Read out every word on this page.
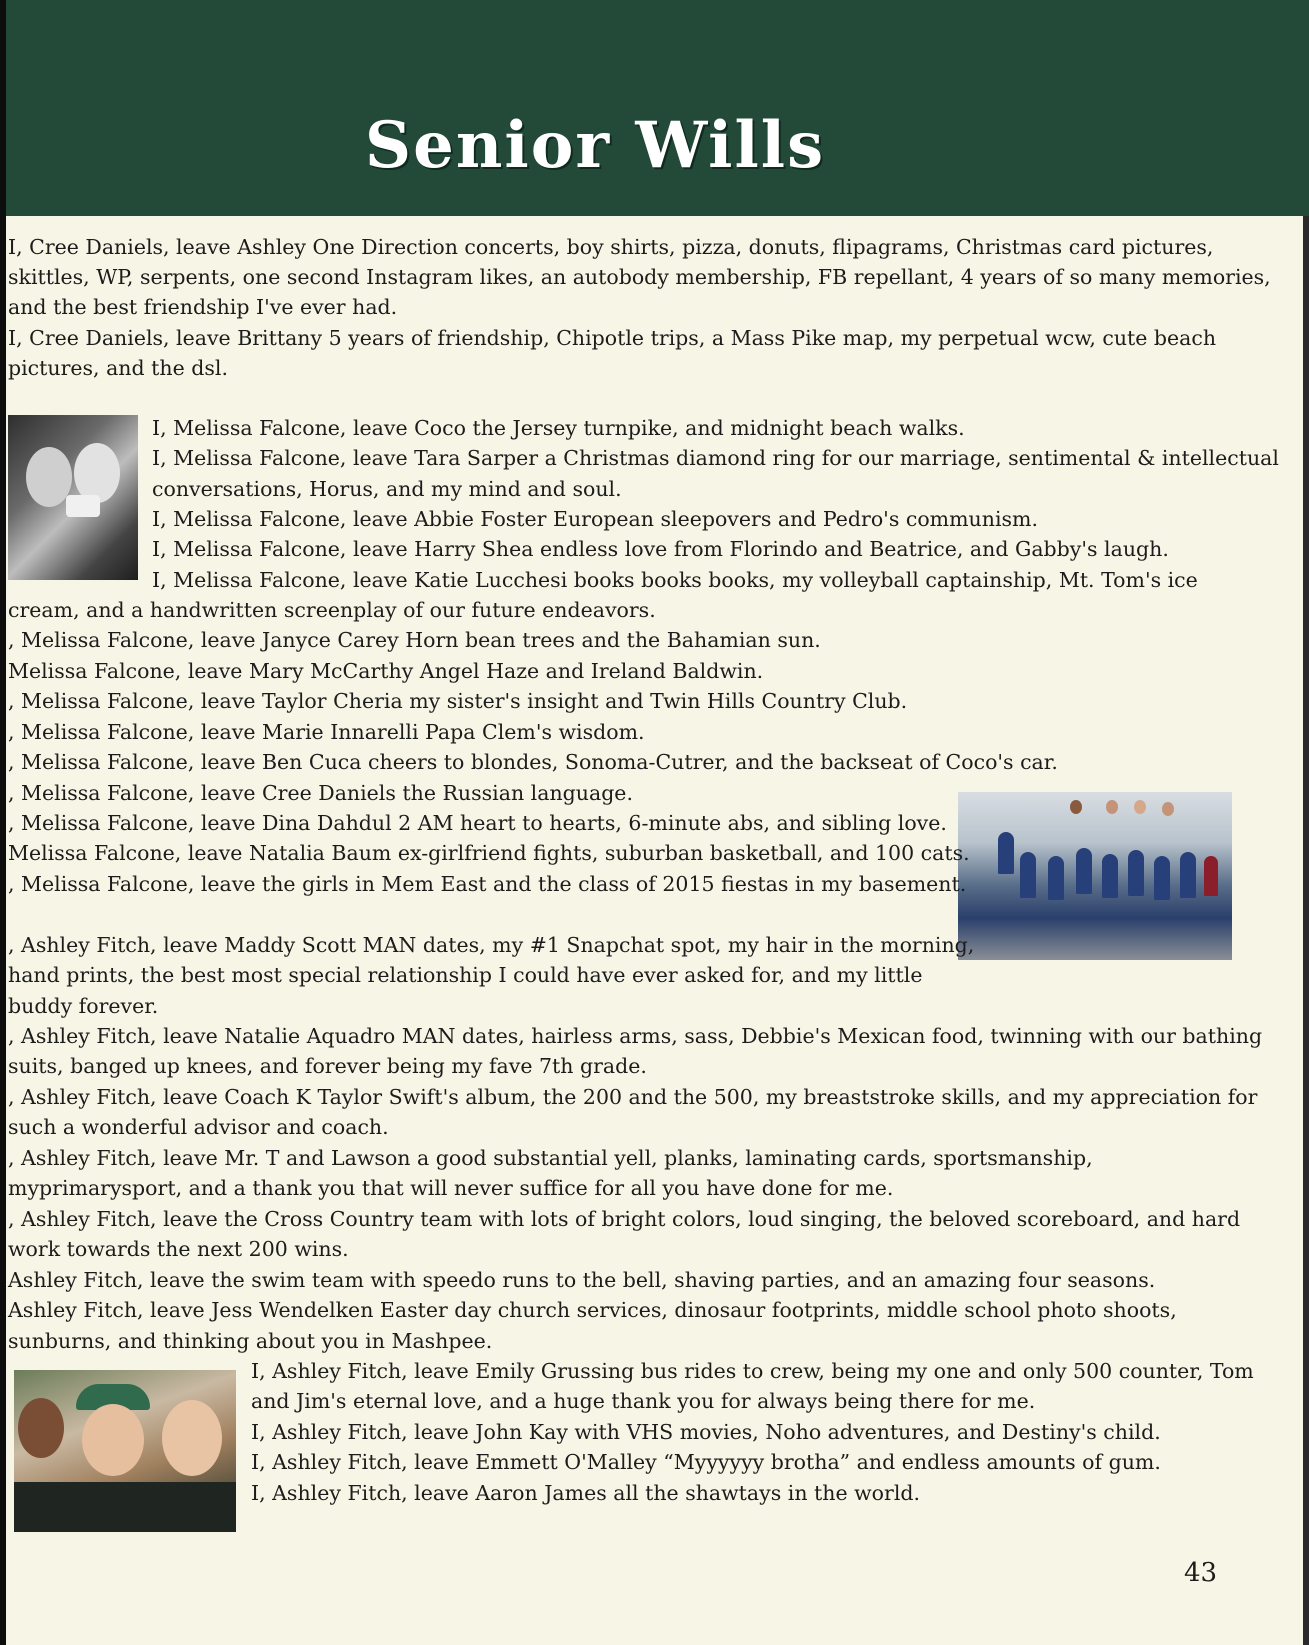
Senior Wills
I, Cree Daniels, leave Ashley One Direction concerts, boy shirts, pizza, donuts, flipagrams, Christmas card pictures,
skittles, WP, serpents, one second Instagram likes, an autobody membership, FB repellant, 4 years of so many memories,
and the best friendship I've ever had.
I, Cree Daniels, leave Brittany 5 years of friendship, Chipotle trips, a Mass Pike map, my perpetual wcw, cute beach
pictures, and the dsl.
I, Melissa Falcone, leave Coco the Jersey turnpike, and midnight beach walks.
I, Melissa Falcone, leave Tara Sarper a Christmas diamond ring for our marriage, sentimental & intellectual
conversations, Horus, and my mind and soul.
I, Melissa Falcone, leave Abbie Foster European sleepovers and Pedro's communism.
I, Melissa Falcone, leave Harry Shea endless love from Florindo and Beatrice, and Gabby's laugh.
I, Melissa Falcone, leave Katie Lucchesi books books books, my volleyball captainship, Mt. Tom's ice
cream, and a handwritten screenplay of our future endeavors.
, Melissa Falcone, leave Janyce Carey Horn bean trees and the Bahamian sun.
Melissa Falcone, leave Mary McCarthy Angel Haze and Ireland Baldwin.
, Melissa Falcone, leave Taylor Cheria my sister's insight and Twin Hills Country Club.
, Melissa Falcone, leave Marie Innarelli Papa Clem's wisdom.
, Melissa Falcone, leave Ben Cuca cheers to blondes, Sonoma-Cutrer, and the backseat of Coco's car.
, Melissa Falcone, leave Cree Daniels the Russian language.
, Melissa Falcone, leave Dina Dahdul 2 AM heart to hearts, 6-minute abs, and sibling love.
Melissa Falcone, leave Natalia Baum ex-girlfriend fights, suburban basketball, and 100 cats.
, Melissa Falcone, leave the girls in Mem East and the class of 2015 fiestas in my basement.
, Ashley Fitch, leave Maddy Scott MAN dates, my #1 Snapchat spot, my hair in the morning,
hand prints, the best most special relationship I could have ever asked for, and my little
buddy forever.
, Ashley Fitch, leave Natalie Aquadro MAN dates, hairless arms, sass, Debbie's Mexican food, twinning with our bathing
suits, banged up knees, and forever being my fave 7th grade.
, Ashley Fitch, leave Coach K Taylor Swift's album, the 200 and the 500, my breaststroke skills, and my appreciation for
such a wonderful advisor and coach.
, Ashley Fitch, leave Mr. T and Lawson a good substantial yell, planks, laminating cards, sportsmanship,
myprimarysport, and a thank you that will never suffice for all you have done for me.
, Ashley Fitch, leave the Cross Country team with lots of bright colors, loud singing, the beloved scoreboard, and hard
work towards the next 200 wins.
Ashley Fitch, leave the swim team with speedo runs to the bell, shaving parties, and an amazing four seasons.
Ashley Fitch, leave Jess Wendelken Easter day church services, dinosaur footprints, middle school photo shoots,
sunburns, and thinking about you in Mashpee.
I, Ashley Fitch, leave Emily Grussing bus rides to crew, being my one and only 500 counter, Tom
and Jim's eternal love, and a huge thank you for always being there for me.
I, Ashley Fitch, leave John Kay with VHS movies, Noho adventures, and Destiny's child.
I, Ashley Fitch, leave Emmett O'Malley “Myyyyyy brotha” and endless amounts of gum.
I, Ashley Fitch, leave Aaron James all the shawtays in the world.
43
